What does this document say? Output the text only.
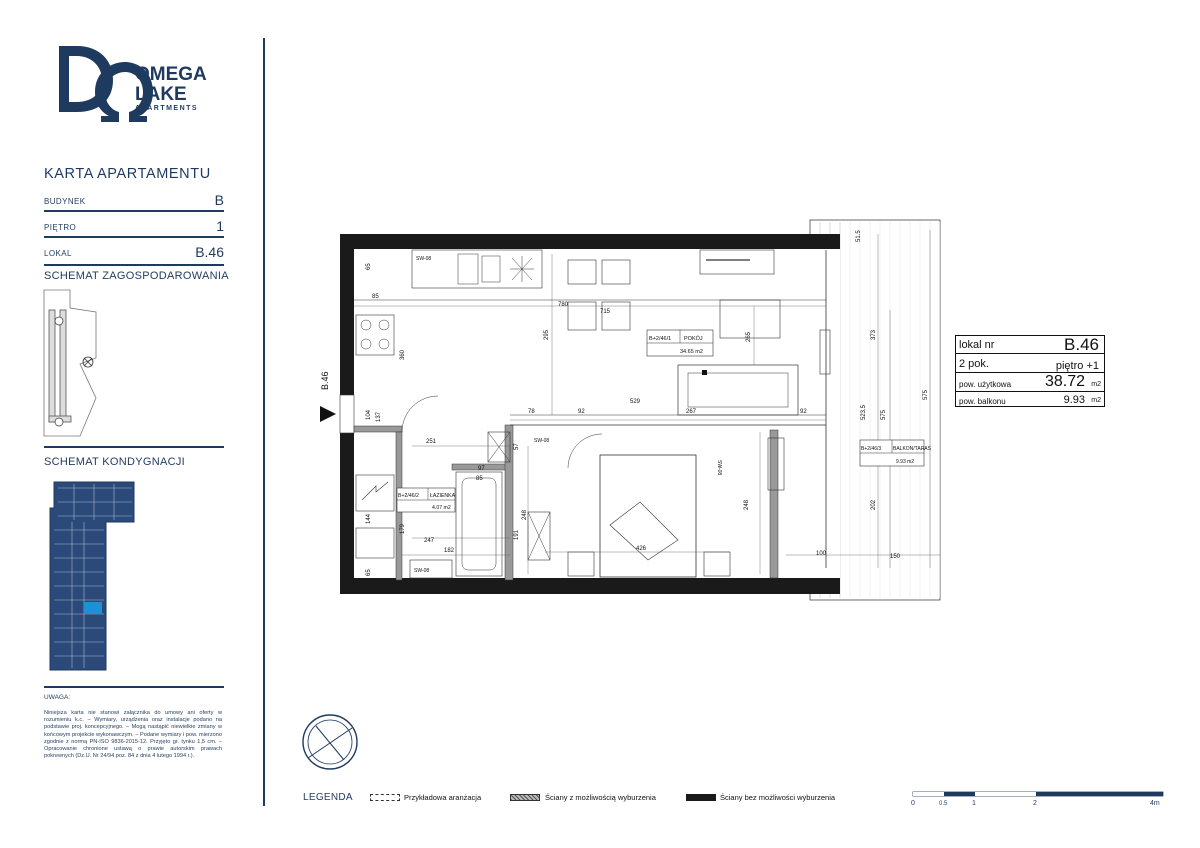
OMEGA
LAKE
APARTMENTS
KARTA APARTAMENTU
BUDYNEK	B
PIĘTRO	1
LOKAL	B.46
SCHEMAT ZAGOSPODAROWANIA
SCHEMAT KONDYGNACJI
UWAGA:
Niniejsza karta nie stanowi załącznika do umowy ani oferty w rozumieniu k.c. – Wymiary, urządzenia oraz instalacje podano na podstawie proj. koncepcyjnego. – Mogą nastąpić niewielkie zmiany w końcowym projekcie wykonawczym. – Podane wymiary i pow. mierzono zgodnie z normą PN-ISO 9836-2015-12. Przyjęto gr. tynku 1,5 cm. – Opracowanie chronione ustawą o prawie autorskim prawach pokrewnych (Dz.U. Nr 24/94 poz. 84 z dnia 4 lutego 1994 r.).
SW-08
SW-08
SW-08
SW-08
715
780
295	265
360
529
267
92	92
78
251
247
182
248
248
426
100	150
373
575
575
523.5
202
51.5
85
85
65
65
144
179
104 137
97
57
191
B+2/46/1 POKÓJ
34.65 m2
B+2/46/2 ŁAZIENKA
4.07 m2
B+2/46/3 BALKON/TARAS
9.93 m2
B.46
lokal nr	B.46
2 pok.	piętro +1
pow. użytkowa 38.72 m2
pow. balkonu	9.93 m2
LEGENDA	Przykładowa aranżacja	Ściany z możliwością wyburzenia	Ściany bez możliwości wyburzenia
0	0.5	1	2	4m
